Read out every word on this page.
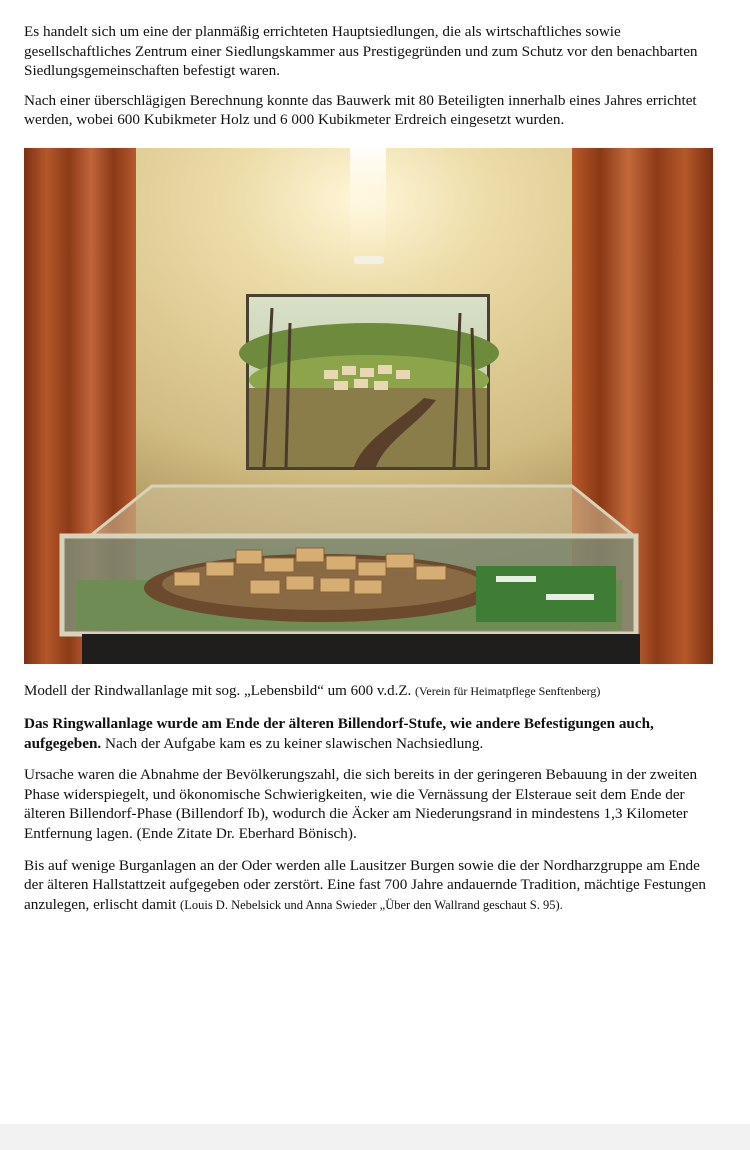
Es handelt sich um eine der planmäßig errichteten Hauptsiedlungen, die als wirtschaftliches sowie gesellschaftliches Zentrum einer Siedlungskammer aus Prestigegründen und zum Schutz vor den benachbarten Siedlungsgemeinschaften befestigt waren.

Nach einer überschlägigen Berechnung konnte das Bauwerk mit 80 Beteiligten innerhalb eines Jahres errichtet werden, wobei 600 Kubikmeter Holz und 6 000 Kubikmeter Erdreich eingesetzt wurden.

Modell der Rindwallanlage mit sog. „Lebensbild“ um 600 v.d.Z. (Verein für Heimatpflege Senftenberg)

Das Ringwallanlage wurde am Ende der älteren Billendorf-Stufe, wie andere Befestigungen auch, aufgegeben. Nach der Aufgabe kam es zu keiner slawischen Nachsiedlung.

Ursache waren die Abnahme der Bevölkerungszahl, die sich bereits in der geringeren Bebauung in der zweiten Phase widerspiegelt, und ökonomische Schwierigkeiten, wie die Vernässung der Elsteraue seit dem Ende der älteren Billendorf-Phase (Billendorf Ib), wodurch die Äcker am Niederungsrand in mindestens 1,3 Kilometer Entfernung lagen. (Ende Zitate Dr. Eberhard Bönisch).

Bis auf wenige Burganlagen an der Oder werden alle Lausitzer Burgen sowie die der Nordharzgruppe am Ende der älteren Hallstattzeit aufgegeben oder zerstört. Eine fast 700 Jahre andauernde Tradition, mächtige Festungen anzulegen, erlischt damit (Louis D. Nebelsick und Anna Swieder „Über den Wallrand geschaut S. 95).
